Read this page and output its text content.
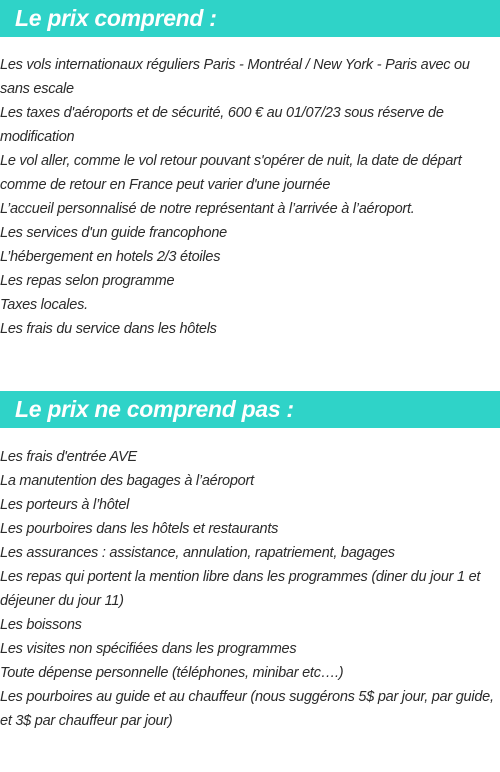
Le prix comprend :
Les vols internationaux réguliers Paris - Montréal / New York - Paris avec ou sans escale
Les taxes d'aéroports et de sécurité, 600 € au 01/07/23 sous réserve de modification
Le vol aller, comme le vol retour pouvant s'opérer de nuit, la date de départ comme de retour en France peut varier d'une journée
L’accueil personnalisé de notre représentant à l’arrivée à l’aéroport.
Les services d'un guide francophone
L’hébergement en hotels 2/3 étoiles
Les repas selon programme
Taxes locales.
Les frais du service dans les hôtels
Le prix ne comprend pas :
Les frais d'entrée AVE
La manutention des bagages à l’aéroport
Les porteurs à l’hôtel
Les pourboires dans les hôtels et restaurants
Les assurances : assistance, annulation, rapatriement, bagages
Les repas qui portent la mention libre dans les programmes (diner du jour 1 et déjeuner du jour 11)
Les boissons
Les visites non spécifiées dans les programmes
Toute dépense personnelle (téléphones, minibar etc….)
Les pourboires au guide et au chauffeur (nous suggérons 5$ par jour, par guide, et 3$ par chauffeur par jour)
